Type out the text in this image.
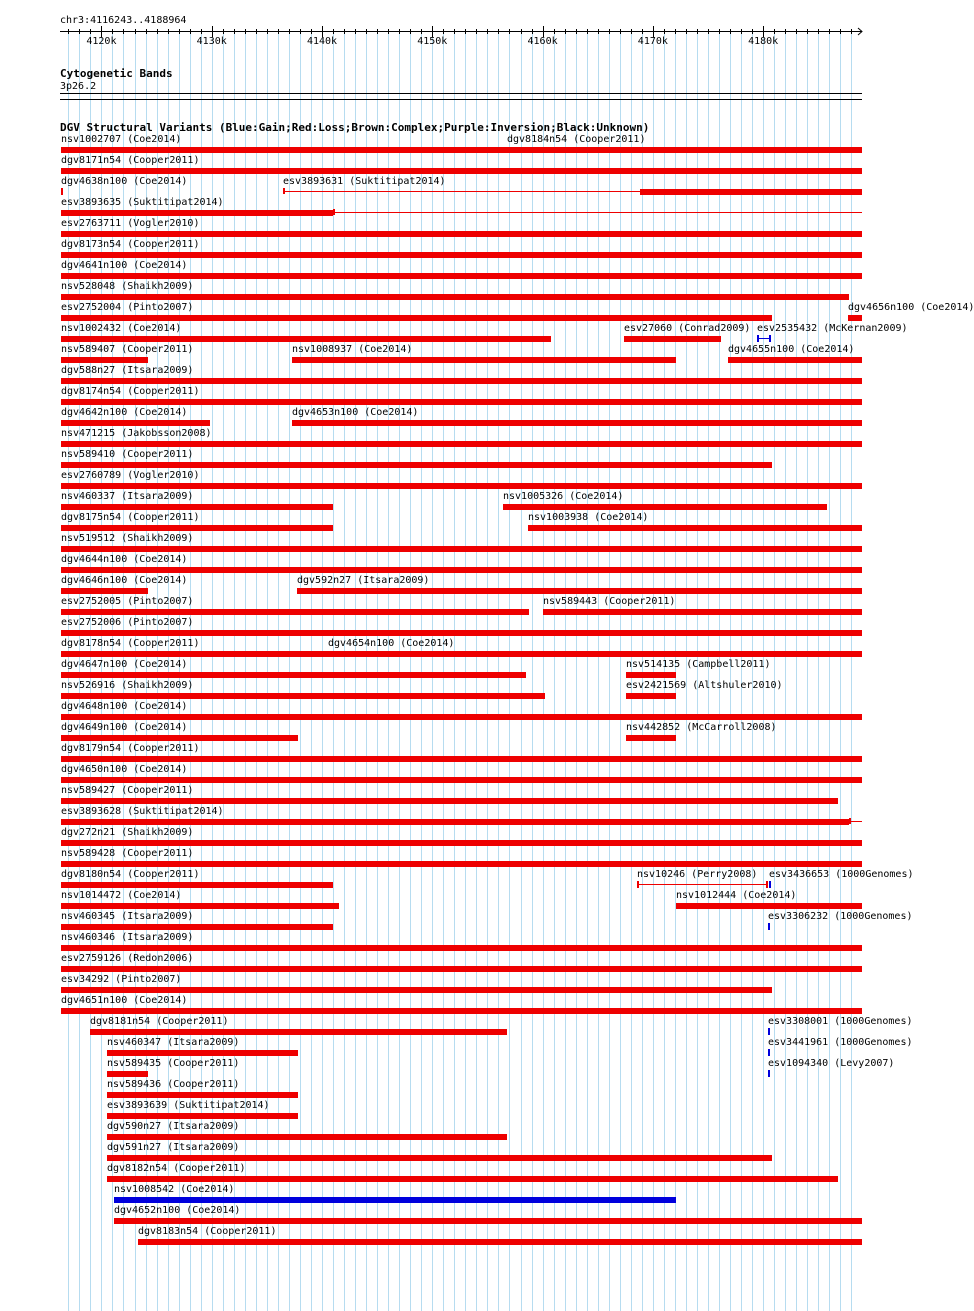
chr3:4116243..4188964
4120k	4130k	4140k	4150k	4160k	4170k	4180k
Cytogenetic Bands
3p26.2
DGV Structural Variants (Blue:Gain;Red:Loss;Brown:Complex;Purple:Inversion;Black:Unknown)
nsv1002707 (Coe2014)	dgv8184n54 (Cooper2011)
dgv8171n54 (Cooper2011)
dgv4638n100 (Coe2014)	esv3893631 (Suktitipat2014)
esv3893635 (Suktitipat2014)
esv2763711 (Vogler2010)
dgv8173n54 (Cooper2011)
dgv4641n100 (Coe2014)
nsv528048 (Shaikh2009)
esv2752004 (Pinto2007)	dgv4656n100 (Coe2014)
nsv1002432 (Coe2014)	esv27060 (Conrad2009) esv2535432 (McKernan2009)
nsv589407 (Cooper2011)	nsv1008937 (Coe2014)	dgv4655n100 (Coe2014)
dgv588n27 (Itsara2009)
dgv8174n54 (Cooper2011)
dgv4642n100 (Coe2014)	dgv4653n100 (Coe2014)
nsv471215 (Jakobsson2008)
nsv589410 (Cooper2011)
esv2760789 (Vogler2010)
nsv460337 (Itsara2009)	nsv1005326 (Coe2014)
dgv8175n54 (Cooper2011)	nsv1003938 (Coe2014)
nsv519512 (Shaikh2009)
dgv4644n100 (Coe2014)
dgv4646n100 (Coe2014)	dgv592n27 (Itsara2009)
esv2752005 (Pinto2007)	nsv589443 (Cooper2011)
esv2752006 (Pinto2007)
dgv8178n54 (Cooper2011)	dgv4654n100 (Coe2014)
dgv4647n100 (Coe2014)	nsv514135 (Campbell2011)
nsv526916 (Shaikh2009)	esv2421569 (Altshuler2010)
dgv4648n100 (Coe2014)
dgv4649n100 (Coe2014)	nsv442852 (McCarroll2008)
dgv8179n54 (Cooper2011)
dgv4650n100 (Coe2014)
nsv589427 (Cooper2011)
esv3893628 (Suktitipat2014)
dgv272n21 (Shaikh2009)
nsv589428 (Cooper2011)
dgv8180n54 (Cooper2011)	nsv10246 (Perry2008) esv3436653 (1000Genomes)
nsv1014472 (Coe2014)	nsv1012444 (Coe2014)
nsv460345 (Itsara2009)	esv3306232 (1000Genomes)
nsv460346 (Itsara2009)
esv2759126 (Redon2006)
esv34292 (Pinto2007)
dgv4651n100 (Coe2014)
dgv8181n54 (Cooper2011)	esv3308001 (1000Genomes)
nsv460347 (Itsara2009)	esv3441961 (1000Genomes)
nsv589435 (Cooper2011)	esv1094340 (Levy2007)
nsv589436 (Cooper2011)
esv3893639 (Suktitipat2014)
dgv590n27 (Itsara2009)
dgv591n27 (Itsara2009)
dgv8182n54 (Cooper2011)
nsv1008542 (Coe2014)
dgv4652n100 (Coe2014)
dgv8183n54 (Cooper2011)
